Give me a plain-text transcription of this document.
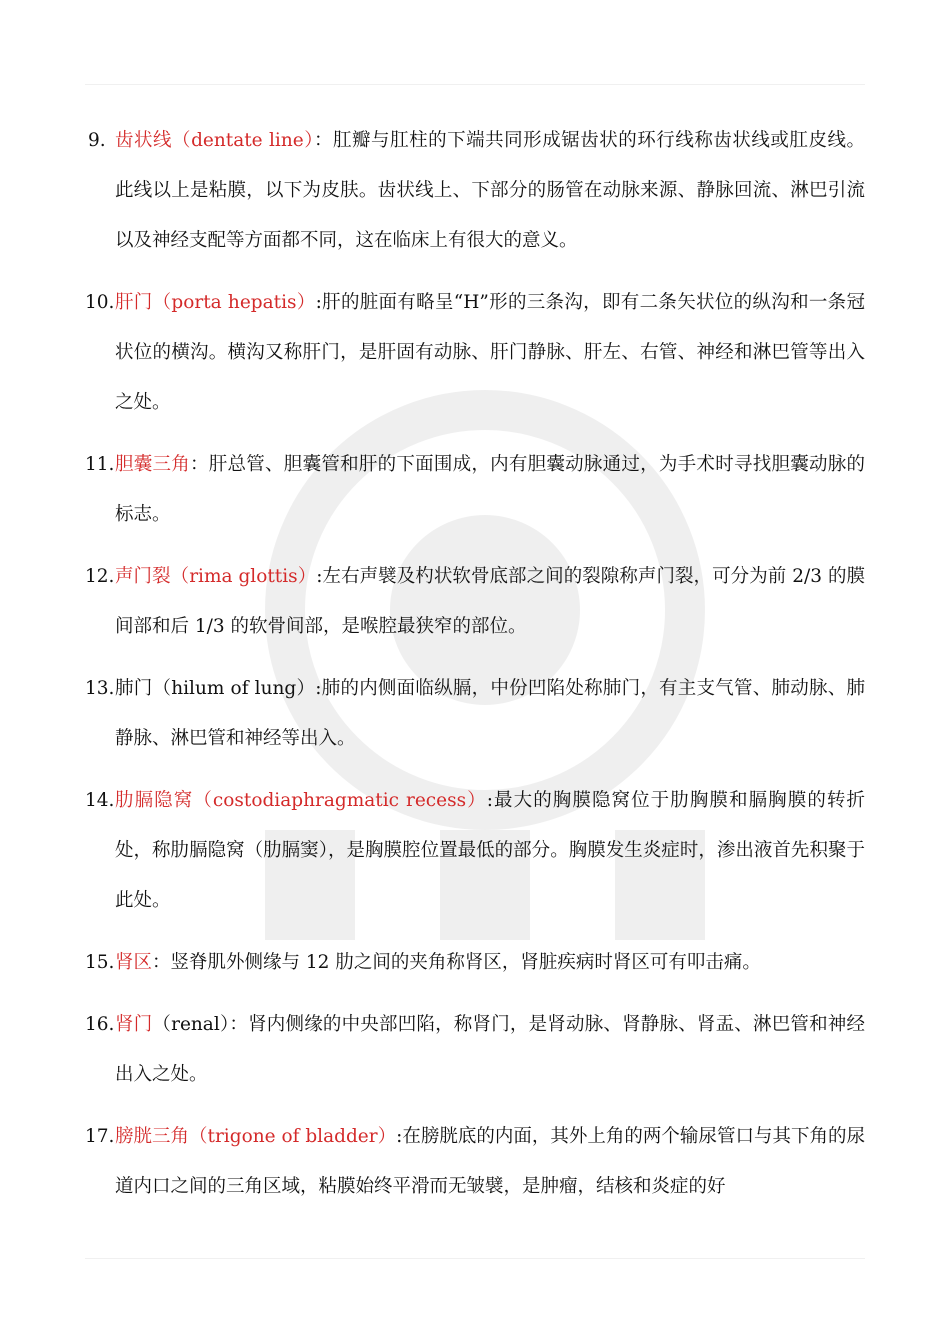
9. 齿状线（dentate line）：肛瓣与肛柱的下端共同形成锯齿状的环行线称齿状线或肛皮线。此线以上是粘膜，以下为皮肤。齿状线上、下部分的肠管在动脉来源、静脉回流、淋巴引流以及神经支配等方面都不同，这在临床上有很大的意义。
10. 肝门（porta hepatis）:肝的脏面有略呈“H”形的三条沟，即有二条矢状位的纵沟和一条冠状位的横沟。横沟又称肝门，是肝固有动脉、肝门静脉、肝左、右管、神经和淋巴管等出入之处。
11. 胆囊三角：肝总管、胆囊管和肝的下面围成，内有胆囊动脉通过，为手术时寻找胆囊动脉的标志。
12. 声门裂（rima glottis）:左右声襞及杓状软骨底部之间的裂隙称声门裂，可分为前 2/3 的膜间部和后 1/3 的软骨间部，是喉腔最狭窄的部位。
13. 肺门（hilum of lung）:肺的内侧面临纵膈，中份凹陷处称肺门，有主支气管、肺动脉、肺静脉、淋巴管和神经等出入。
14. 肋膈隐窝（costodiaphragmatic recess）:最大的胸膜隐窝位于肋胸膜和膈胸膜的转折处，称肋膈隐窝（肋膈窦），是胸膜腔位置最低的部分。胸膜发生炎症时，渗出液首先积聚于此处。
15. 肾区：竖脊肌外侧缘与 12 肋之间的夹角称肾区，肾脏疾病时肾区可有叩击痛。
16. 肾门（renal）：肾内侧缘的中央部凹陷，称肾门，是肾动脉、肾静脉、肾盂、淋巴管和神经出入之处。
17. 膀胱三角（trigone of bladder）:在膀胱底的内面，其外上角的两个输尿管口与其下角的尿道内口之间的三角区域，粘膜始终平滑而无皱襞，是肿瘤，结核和炎症的好
